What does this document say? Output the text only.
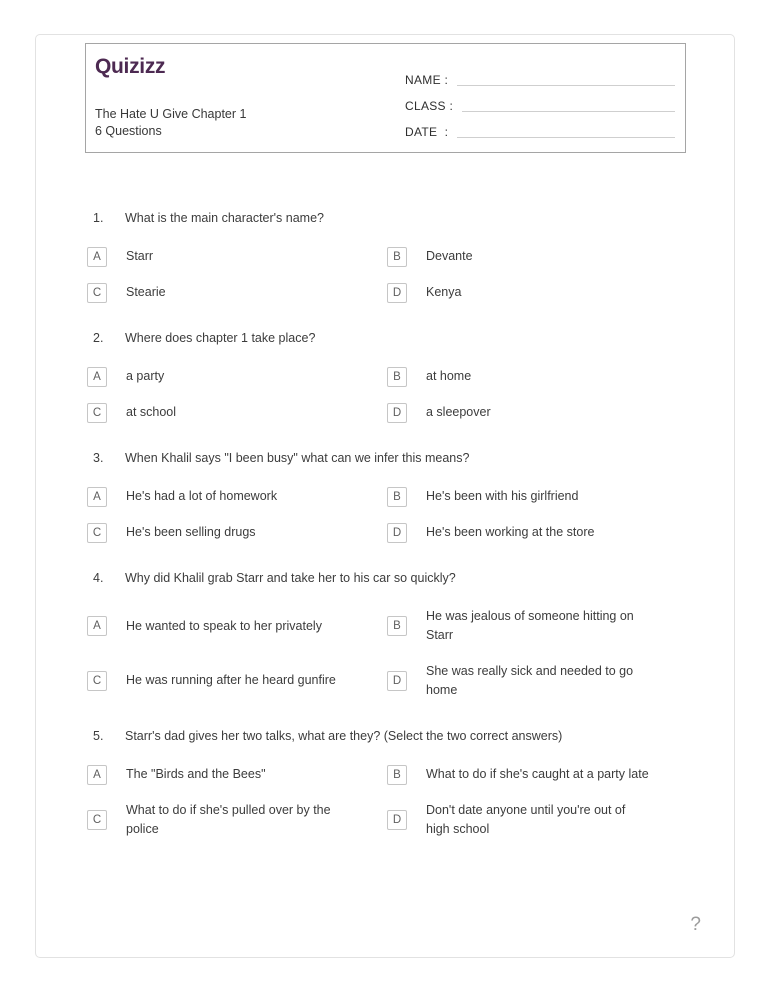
Quizizz
The Hate U Give Chapter 1
6 Questions
NAME :
CLASS :
DATE  :
1.	What is the main character's name?
A	Starr	B	Devante
C	Stearie	D	Kenya
2.	Where does chapter 1 take place?
A	a party	B	at home
C	at school	D	a sleepover
3.	When Khalil says "I been busy" what can we infer this means?
A	He's had a lot of homework	B	He's been with his girlfriend
C	He's been selling drugs	D	He's been working at the store
4.	Why did Khalil grab Starr and take her to his car so quickly?
A	He wanted to speak to her privately	B
He was jealous of someone hitting on Starr
C	He was running after he heard gunfire	D
She was really sick and needed to go home
5.	Starr's dad gives her two talks, what are they? (Select the two correct answers)
A	The "Birds and the Bees"	B	What to do if she's caught at a party late
C
What to do if she's pulled over by the police
D
Don't date anyone until you're out of high school
?
